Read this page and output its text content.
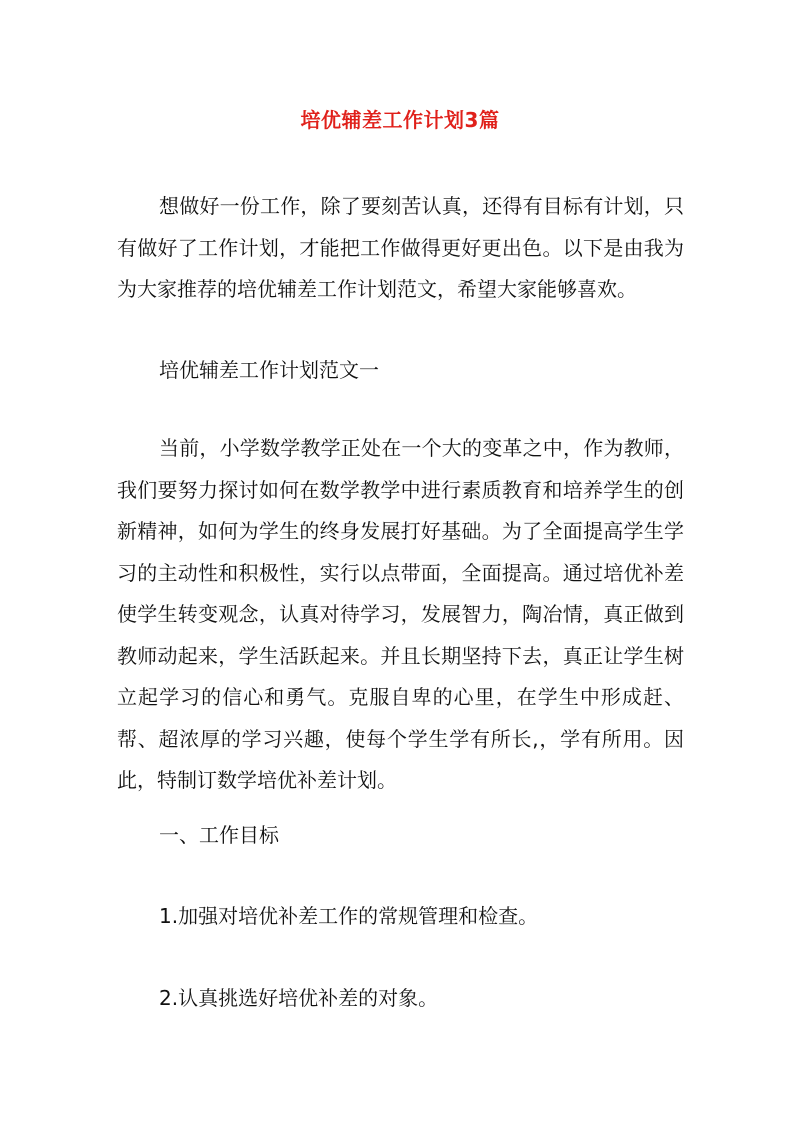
培优辅差工作计划3篇
想做好一份工作，除了要刻苦认真，还得有目标有计划，只有做好了工作计划，才能把工作做得更好更出色。以下是由我为为大家推荐的培优辅差工作计划范文，希望大家能够喜欢。
培优辅差工作计划范文一
当前，小学数学教学正处在一个大的变革之中，作为教师，我们要努力探讨如何在数学教学中进行素质教育和培养学生的创新精神，如何为学生的终身发展打好基础。为了全面提高学生学习的主动性和积极性，实行以点带面，全面提高。通过培优补差使学生转变观念，认真对待学习，发展智力，陶冶情，真正做到教师动起来，学生活跃起来。并且长期坚持下去，真正让学生树立起学习的信心和勇气。克服自卑的心里，在学生中形成赶、帮、超浓厚的学习兴趣，使每个学生学有所长,，学有所用。因此，特制订数学培优补差计划。
一、工作目标
1.加强对培优补差工作的常规管理和检查。
2.认真挑选好培优补差的对象。
